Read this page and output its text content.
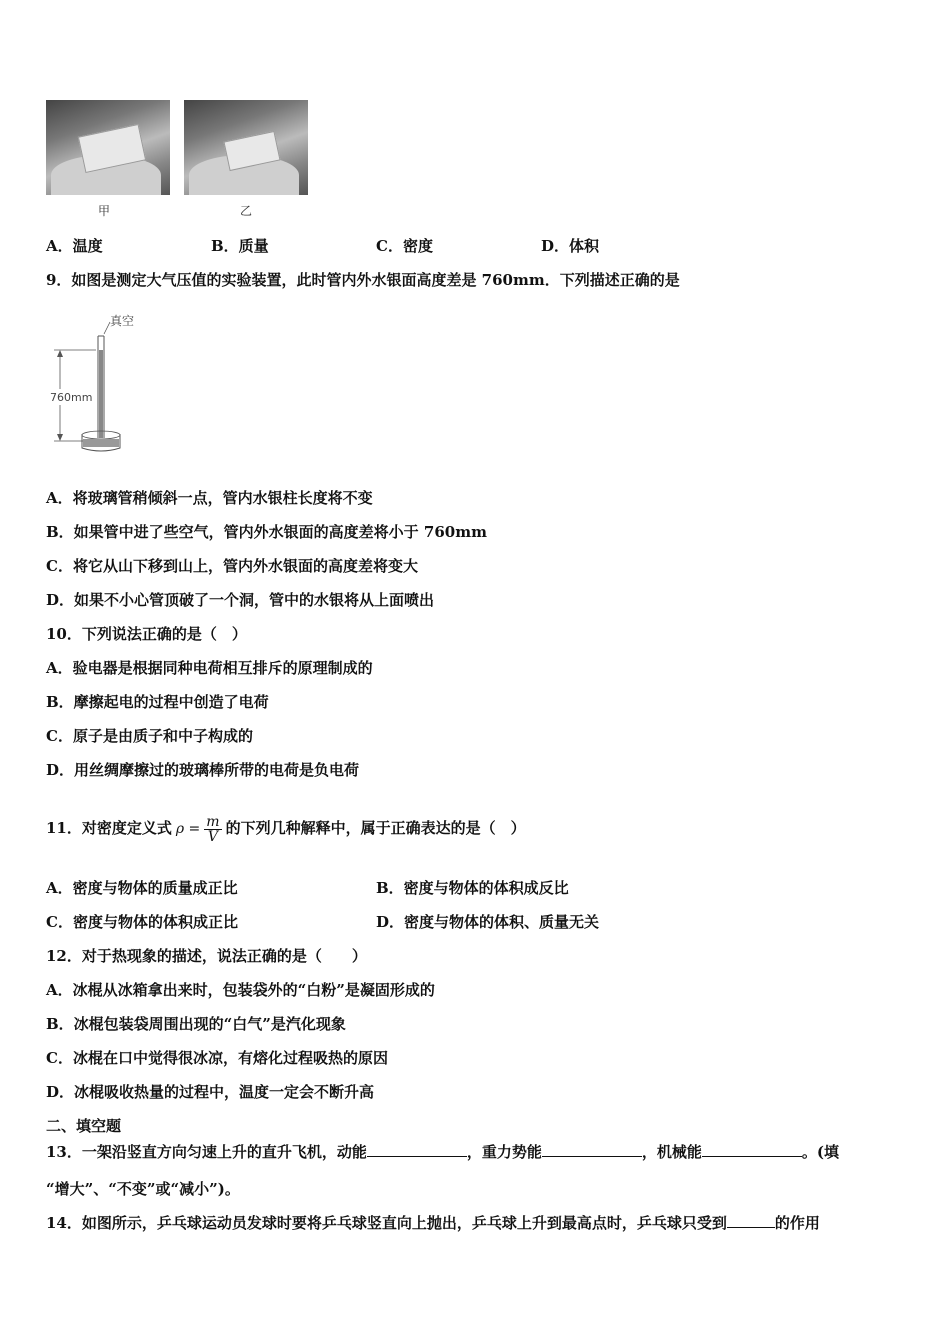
甲	乙
A．温度	B．质量	C．密度	D．体积
9．如图是测定大气压值的实验装置，此时管内外水银面高度差是 760mm．下列描述正确的是
真空
760mm
A．将玻璃管稍倾斜一点，管内水银柱长度将不变
B．如果管中进了些空气，管内外水银面的高度差将小于 760mm
C．将它从山下移到山上，管内外水银面的高度差将变大
D．如果不小心管顶破了一个洞，管中的水银将从上面喷出
10．下列说法正确的是（　）
A．验电器是根据同种电荷相互排斥的原理制成的
B．摩擦起电的过程中创造了电荷
C．原子是由质子和中子构成的
D．用丝绸摩擦过的玻璃棒所带的电荷是负电荷
11．对密度定义式 $\rho = \frac{m}{V}$ 的下列几种解释中，属于正确表达的是（　）
A．密度与物体的质量成正比	B．密度与物体的体积成反比
C．密度与物体的体积成正比	D．密度与物体的体积、质量无关
12．对于热现象的描述，说法正确的是（　　）
A．冰棍从冰箱拿出来时，包装袋外的“白粉”是凝固形成的
B．冰棍包装袋周围出现的“白气”是汽化现象
C．冰棍在口中觉得很冰凉，有熔化过程吸热的原因
D．冰棍吸收热量的过程中，温度一定会不断升高
二、填空题
13．一架沿竖直方向匀速上升的直升飞机，动能	，重力势能	，机械能	。(填
“增大”、“不变”或“减小”)。
14．如图所示，乒乓球运动员发球时要将乒乓球竖直向上抛出，乒乓球上升到最高点时，乒乓球只受到	的作用
